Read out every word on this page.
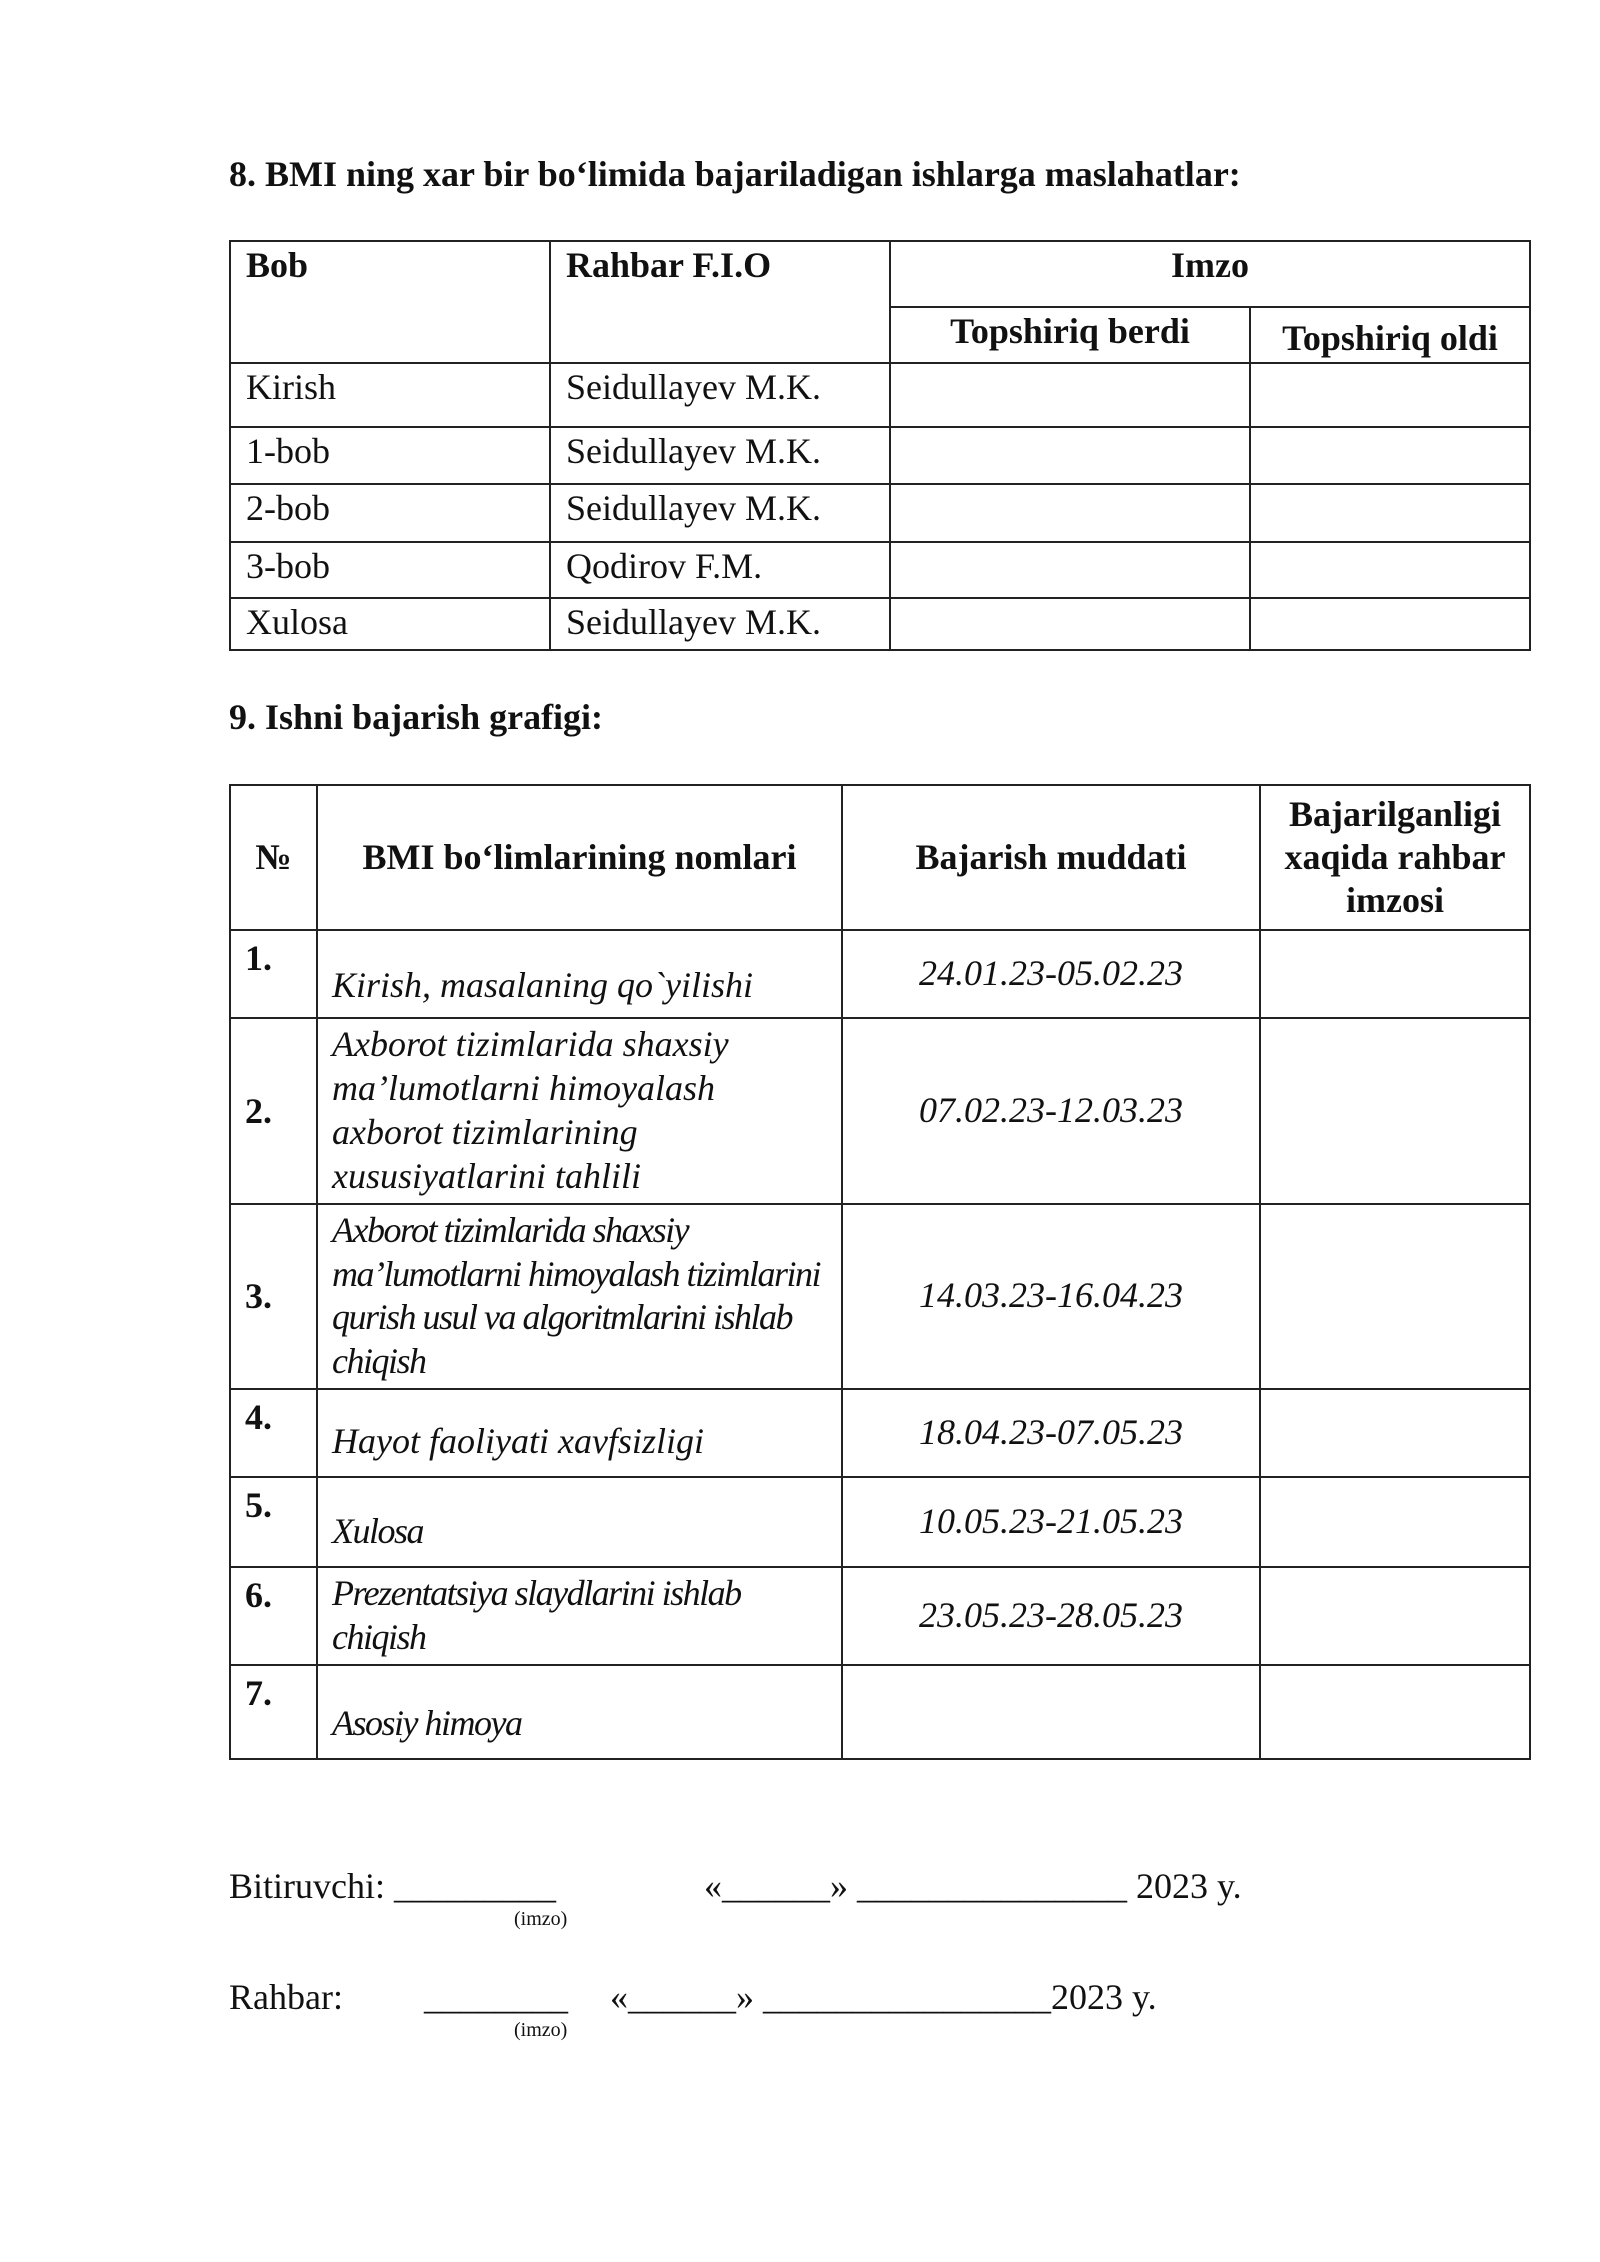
8. BMI ning xar bir bo‘limida bajariladigan ishlarga maslahatlar:
Bob	Rahbar F.I.O	Imzo	
		Topshiriq berdi	Topshiriq oldi
Kirish	Seidullayev M.K.		
1-bob	Seidullayev M.K.		
2-bob	Seidullayev M.K.		
3-bob	Qodirov F.M.		
Xulosa	Seidullayev M.K.		
9. Ishni bajarish grafigi:
№	BMI bo‘limlarining nomlari	Bajarish muddati	Bajarilganligi xaqida rahbar imzosi
1.	Kirish, masalaning qo`yilishi	24.01.23-05.02.23	
2.	Axborot tizimlarida shaxsiy ma’lumotlarni himoyalash axborot tizimlarining xususiyatlarini tahlili	07.02.23-12.03.23	
3.	Axborot tizimlarida shaxsiy ma’lumotlarni himoyalash tizimlarini qurish usul va algoritmlarini ishlab chiqish	14.03.23-16.04.23	
4.	Hayot faoliyati xavfsizligi	18.04.23-07.05.23	
5.	Xulosa	10.05.23-21.05.23	
6.	Prezentatsiya slaydlarini ishlab chiqish	23.05.23-28.05.23	
7.	Asosiy himoya		
Bitiruvchi: _________	«______» _______________ 2023 y.
(imzo)
Rahbar: ________ «______» ________________2023 y.
(imzo)
